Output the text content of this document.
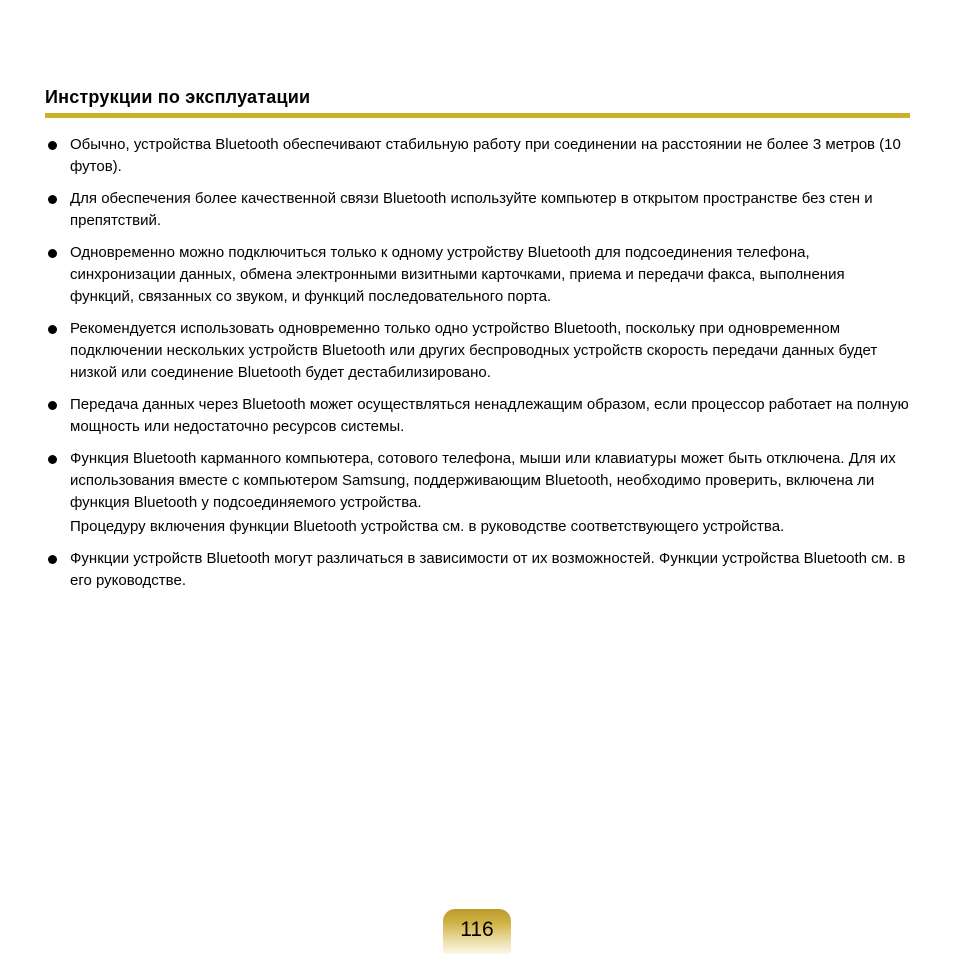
Инструкции по эксплуатации

Обычно, устройства Bluetooth обеспечивают стабильную работу при соединении на расстоянии не более 3 метров (10 футов).

Для обеспечения более качественной связи Bluetooth используйте компьютер в открытом пространстве без стен и препятствий.

Одновременно можно подключиться только к одному устройству Bluetooth для подсоединения телефона, синхронизации данных, обмена электронными визитными карточками, приема и передачи факса, выполнения функций, связанных со звуком, и функций последовательного порта.

Рекомендуется использовать одновременно только одно устройство Bluetooth, поскольку при одновременном подключении нескольких устройств Bluetooth или других беспроводных устройств скорость передачи данных будет низкой или соединение Bluetooth будет дестабилизировано.

Передача данных через Bluetooth может осуществляться ненадлежащим образом, если процессор работает на полную мощность или недостаточно ресурсов системы.

Функция Bluetooth карманного компьютера, сотового телефона, мыши или клавиатуры может быть отключена. Для их использования вместе с компьютером Samsung, поддерживающим Bluetooth, необходимо проверить, включена ли функция Bluetooth у подсоединяемого устройства.

Процедуру включения функции Bluetooth устройства см. в руководстве соответствующего устройства.

Функции устройств Bluetooth могут различаться в зависимости от их возможностей. Функции устройства Bluetooth см. в его руководстве.

116
